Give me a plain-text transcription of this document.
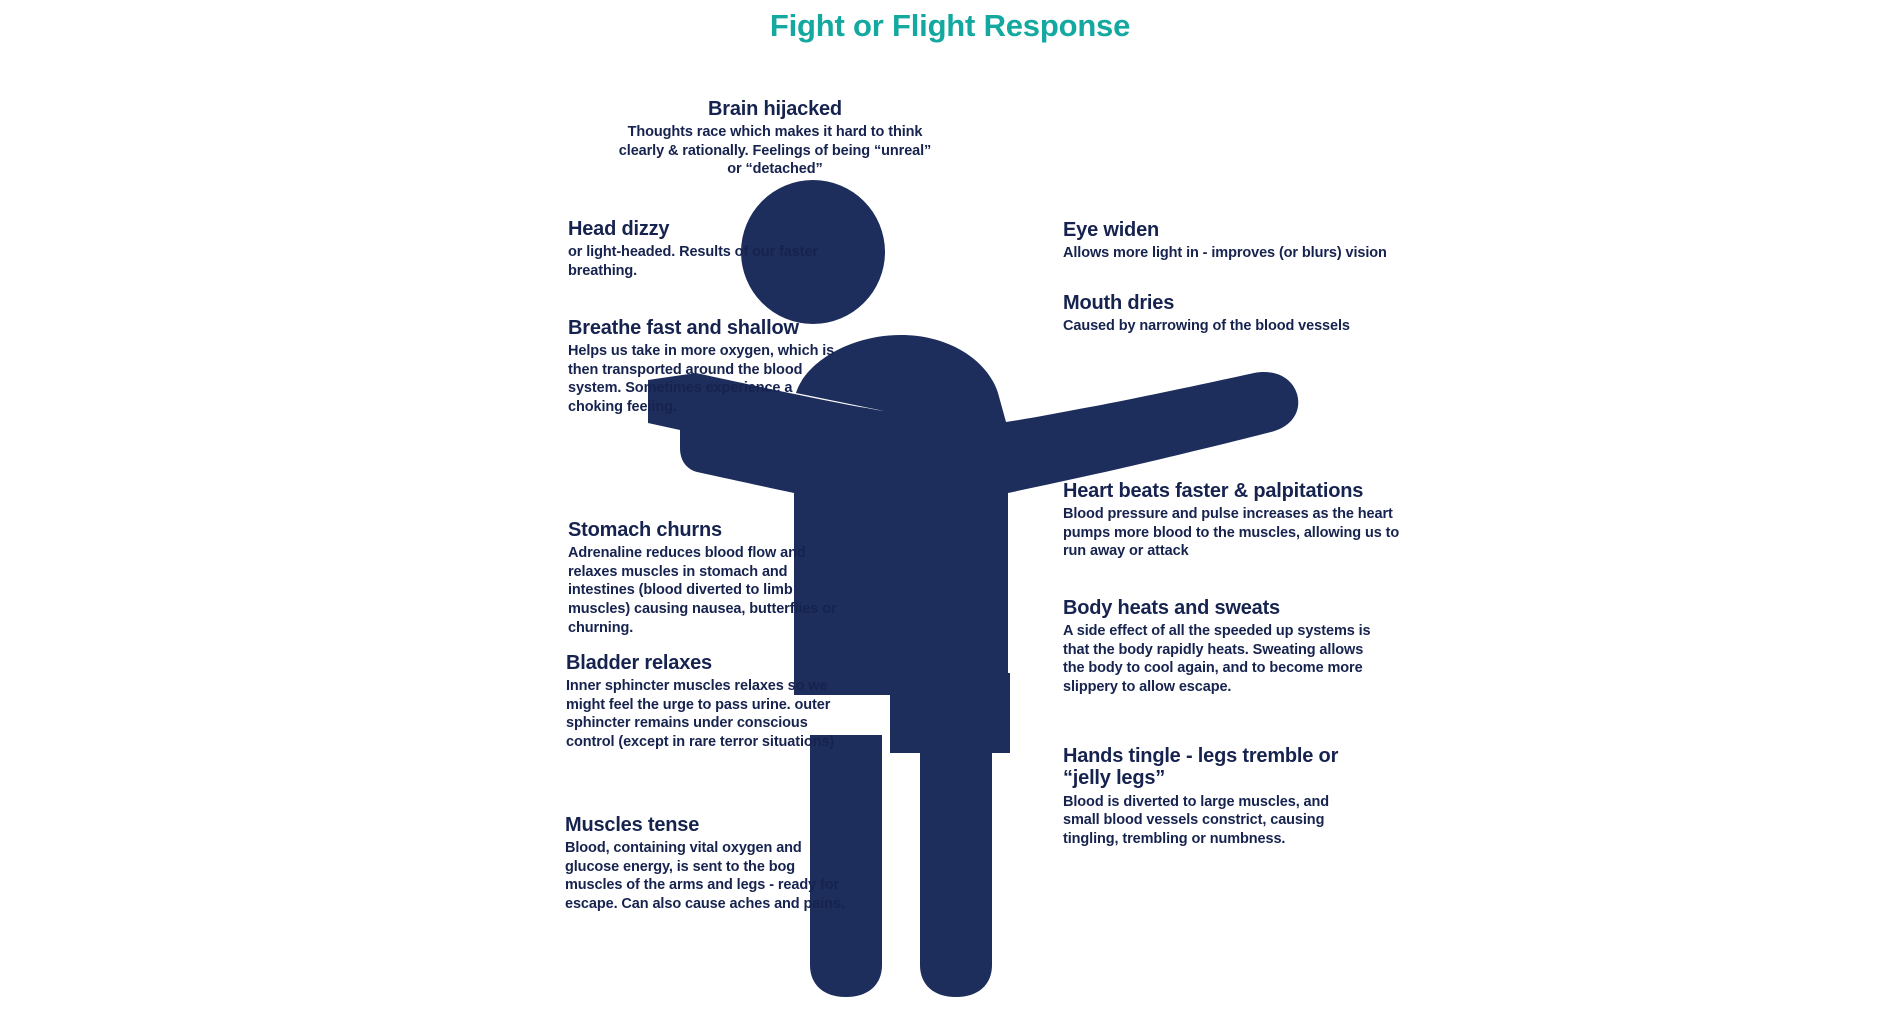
Fight or Flight Response

Brain hijacked

Thoughts race which makes it hard to think clearly & rationally. Feelings of being “unreal” or “detached”

Head dizzy

or light-headed. Results of our faster breathing.

Breathe fast and shallow

Helps us take in more oxygen, which is then transported around the blood system. Sometimes experience a choking feeling.

Stomach churns

Adrenaline reduces blood flow and relaxes muscles in stomach and intestines (blood diverted to limb muscles) causing nausea, butterflies or churning.

Bladder relaxes

Inner sphincter muscles relaxes so we might feel the urge to pass urine. outer sphincter remains under conscious control (except in rare terror situations)

Muscles tense

Blood, containing vital oxygen and glucose energy, is sent to the bog muscles of the arms and legs - ready for escape. Can also cause aches and pains.

Eye widen

Allows more light in - improves (or blurs) vision

Mouth dries

Caused by narrowing of the blood vessels

Heart beats faster & palpitations

Blood pressure and pulse increases as the heart pumps more blood to the muscles, allowing us to run away or attack

Body heats and sweats

A side effect of all the speeded up systems is that the body rapidly heats. Sweating allows the body to cool again, and to become more slippery to allow escape.

Hands tingle - legs tremble or “jelly legs”

Blood is diverted to large muscles, and small blood vessels constrict, causing tingling, trembling or numbness.
